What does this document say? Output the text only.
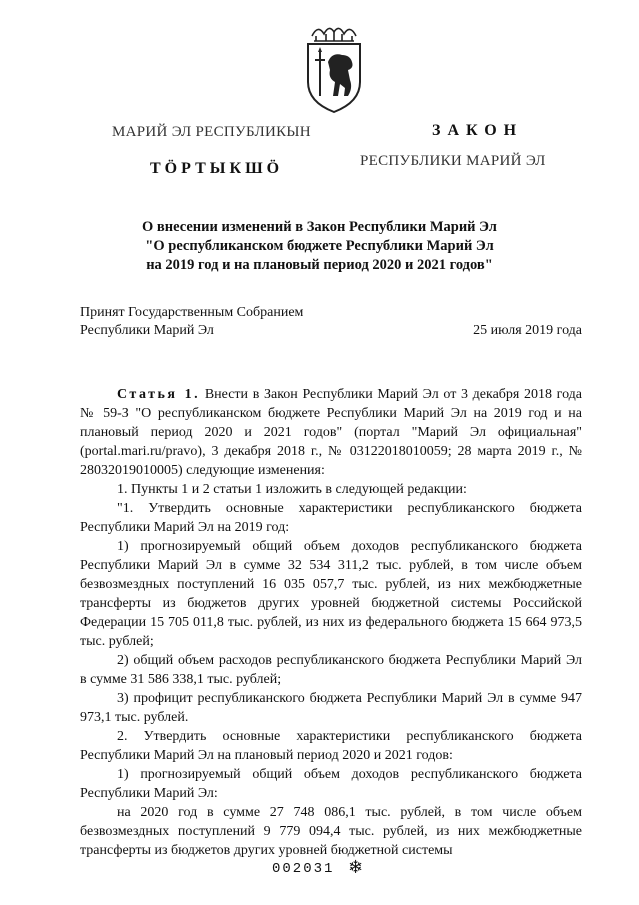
МАРИЙ ЭЛ РЕСПУБЛИКЫН
ТӦРТЫКШӦ
ЗАКОН
РЕСПУБЛИКИ МАРИЙ ЭЛ
О внесении изменений в Закон Республики Марий Эл
"О республиканском бюджете Республики Марий Эл
на 2019 год и на плановый период 2020 и 2021 годов"
Принят Государственным Собранием
Республики Марий Эл	25 июля 2019 года

Статья 1. Внести в Закон Республики Марий Эл от 3 декабря 2018 года № 59-З "О республиканском бюджете Республики Марий Эл на 2019 год и на плановый период 2020 и 2021 годов" (портал "Марий Эл официальная" (portal.mari.ru/pravo), 3 декабря 2018 г., № 03122018010059; 28 марта 2019 г., № 28032019010005) следующие изменения:

1. Пункты 1 и 2 статьи 1 изложить в следующей редакции:

"1. Утвердить основные характеристики республиканского бюджета Республики Марий Эл на 2019 год:

1) прогнозируемый общий объем доходов республиканского бюджета Республики Марий Эл в сумме 32 534 311,2 тыс. рублей, в том числе объем безвозмездных поступлений 16 035 057,7 тыс. рублей, из них межбюджетные трансферты из бюджетов других уровней бюджетной системы Российской Федерации 15 705 011,8 тыс. рублей, из них из федерального бюджета 15 664 973,5 тыс. рублей;

2) общий объем расходов республиканского бюджета Республики Марий Эл в сумме 31 586 338,1 тыс. рублей;

3) профицит республиканского бюджета Республики Марий Эл в сумме 947 973,1 тыс. рублей.

2. Утвердить основные характеристики республиканского бюджета Республики Марий Эл на плановый период 2020 и 2021 годов:

1) прогнозируемый общий объем доходов республиканского бюджета Республики Марий Эл:

на 2020 год в сумме 27 748 086,1 тыс. рублей, в том числе объем безвозмездных поступлений 9 779 094,4 тыс. рублей, из них межбюджетные трансферты из бюджетов других уровней бюджетной системы

002031 ❄
